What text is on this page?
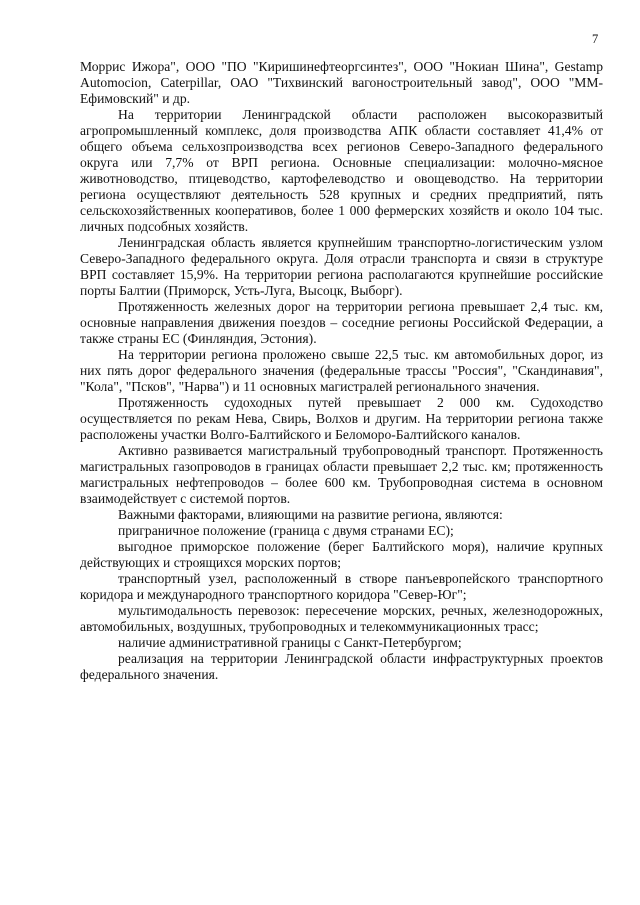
7

Моррис Ижора", ООО "ПО "Киришинефтеоргсинтез", ООО "Нокиан Шина", Gestamp Automocion, Caterpillar, ОАО "Тихвинский вагоностроительный завод", ООО "ММ-Ефимовский" и др.

На территории Ленинградской области расположен высокоразвитый агропромышленный комплекс, доля производства АПК области составляет 41,4% от общего объема сельхозпроизводства всех регионов Северо-Западного федерального округа или 7,7% от ВРП региона. Основные специализации: молочно-мясное животноводство, птицеводство, картофелеводство и овощеводство. На территории региона осуществляют деятельность 528 крупных и средних предприятий, пять сельскохозяйственных кооперативов, более 1 000 фермерских хозяйств и около 104 тыс. личных подсобных хозяйств.

Ленинградская область является крупнейшим транспортно-логистическим узлом Северо-Западного федерального округа. Доля отрасли транспорта и связи в структуре ВРП составляет 15,9%. На территории региона располагаются крупнейшие российские порты Балтии (Приморск, Усть-Луга, Высоцк, Выборг).

Протяженность железных дорог на территории региона превышает 2,4 тыс. км, основные направления движения поездов – соседние регионы Российской Федерации, а также страны ЕС (Финляндия, Эстония).

На территории региона проложено свыше 22,5 тыс. км автомобильных дорог, из них пять дорог федерального значения (федеральные трассы "Россия", "Скандинавия", "Кола", "Псков", "Нарва") и 11 основных магистралей регионального значения.

Протяженность судоходных путей превышает 2 000 км. Судоходство осуществляется по рекам Нева, Свирь, Волхов и другим. На территории региона также расположены участки Волго-Балтийского и Беломоро-Балтийского каналов.

Активно развивается магистральный трубопроводный транспорт. Протяженность магистральных газопроводов в границах области превышает 2,2 тыс. км; протяженность магистральных нефтепроводов – более 600 км. Трубопроводная система в основном взаимодействует с системой портов.

Важными факторами, влияющими на развитие региона, являются:

приграничное положение (граница с двумя странами ЕС);

выгодное приморское положение (берег Балтийского моря), наличие крупных действующих и строящихся морских портов;

транспортный узел, расположенный в створе панъевропейского транспортного коридора и международного транспортного коридора "Север-Юг";

мультимодальность перевозок: пересечение морских, речных, железнодорожных, автомобильных, воздушных, трубопроводных и телекоммуникационных трасс;

наличие административной границы с Санкт-Петербургом;

реализация на территории Ленинградской области инфраструктурных проектов федерального значения.
